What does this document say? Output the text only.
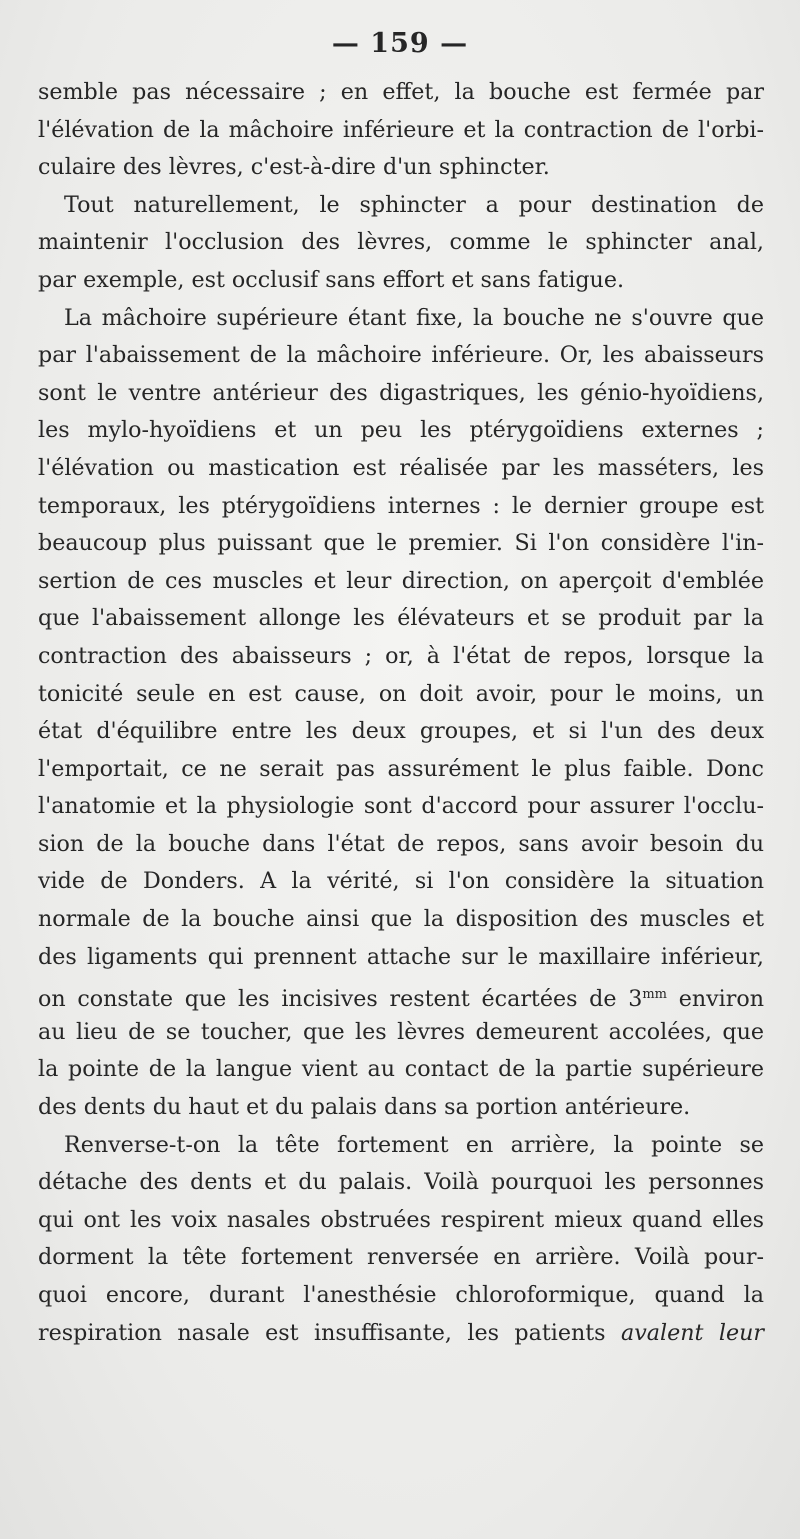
— 159 —
semble pas nécessaire ; en effet, la bouche est fermée par
l'élévation de la mâchoire inférieure et la contraction de l'orbi-
culaire des lèvres, c'est-à-dire d'un sphincter.
Tout naturellement, le sphincter a pour destination de
maintenir l'occlusion des lèvres, comme le sphincter anal,
par exemple, est occlusif sans effort et sans fatigue.
La mâchoire supérieure étant fixe, la bouche ne s'ouvre que
par l'abaissement de la mâchoire inférieure. Or, les abaisseurs
sont le ventre antérieur des digastriques, les génio-hyoïdiens,
les mylo-hyoïdiens et un peu les ptérygoïdiens externes ;
l'élévation ou mastication est réalisée par les masséters, les
temporaux, les ptérygoïdiens internes : le dernier groupe est
beaucoup plus puissant que le premier. Si l'on considère l'in-
sertion de ces muscles et leur direction, on aperçoit d'emblée
que l'abaissement allonge les élévateurs et se produit par la
contraction des abaisseurs ; or, à l'état de repos, lorsque la
tonicité seule en est cause, on doit avoir, pour le moins, un
état d'équilibre entre les deux groupes, et si l'un des deux
l'emportait, ce ne serait pas assurément le plus faible. Donc
l'anatomie et la physiologie sont d'accord pour assurer l'occlu-
sion de la bouche dans l'état de repos, sans avoir besoin du
vide de Donders. A la vérité, si l'on considère la situation
normale de la bouche ainsi que la disposition des muscles et
des ligaments qui prennent attache sur le maxillaire inférieur,
on constate que les incisives restent écartées de $3^{mm}$ environ
au lieu de se toucher, que les lèvres demeurent accolées, que
la pointe de la langue vient au contact de la partie supérieure
des dents du haut et du palais dans sa portion antérieure.
Renverse-t-on la tête fortement en arrière, la pointe se
détache des dents et du palais. Voilà pourquoi les personnes
qui ont les voix nasales obstruées respirent mieux quand elles
dorment la tête fortement renversée en arrière. Voilà pour-
quoi encore, durant l'anesthésie chloroformique, quand la
respiration nasale est insuffisante, les patients avalent leur
